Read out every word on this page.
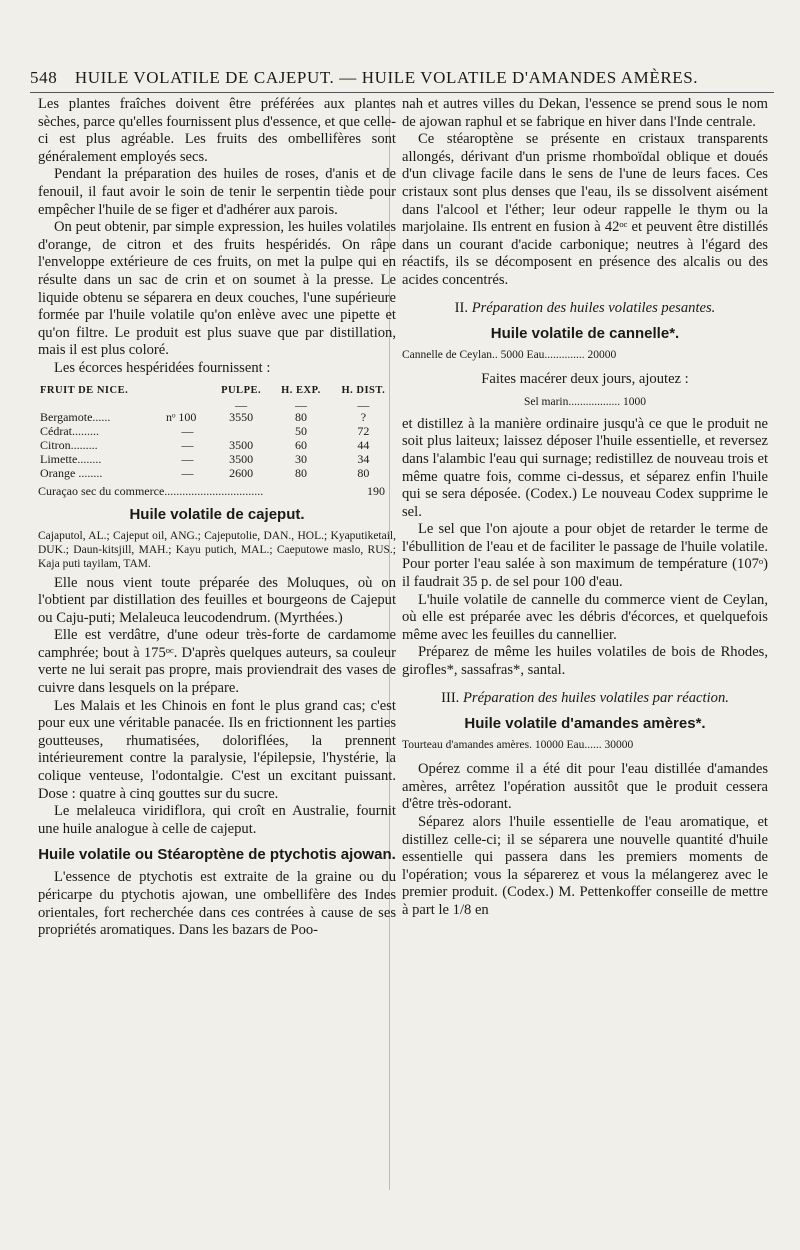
548 HUILE VOLATILE DE CAJEPUT. — HUILE VOLATILE D'AMANDES AMÈRES.

Les plantes fraîches doivent être préférées aux plantes sèches, parce qu'elles fournissent plus d'essence, et que celle-ci est plus agréable. Les fruits des ombellifères sont généralement employés secs.

Pendant la préparation des huiles de roses, d'anis et de fenouil, il faut avoir le soin de tenir le serpentin tiède pour empêcher l'huile de se figer et d'adhérer aux parois.

On peut obtenir, par simple expression, les huiles volatiles d'orange, de citron et des fruits hespéridés. On râpe l'enveloppe extérieure de ces fruits, on met la pulpe qui en résulte dans un sac de crin et on soumet à la presse. Le liquide obtenu se séparera en deux couches, l'une supérieure formée par l'huile volatile qu'on enlève avec une pipette et qu'on filtre. Le produit est plus suave que par distillation, mais il est plus coloré.

Les écorces hespéridées fournissent :

FRUIT DE NICE.		PULPE.	H. EXP.	H. DIST.
		—	—	—
Bergamote......	nᵒ 100	3550	80	?
Cédrat.........	—		50	72
Citron.........	—	3500	60	44
Limette........	—	3500	30	34
Orange ........	—	2600	80	80
Curaçao sec du commerce.................................	190
Huile volatile de cajeput.

Cajaputol, AL.; Cajeput oil, ANG.; Cajeputolie, DAN., HOL.; Kyaputiketail, DUK.; Daun-kitsjill, MAH.; Kayu putich, MAL.; Caeputowe maslo, RUS.; Kaja puti tayilam, TAM.

Elle nous vient toute préparée des Moluques, où on l'obtient par distillation des feuilles et bourgeons de Cajeput ou Caju-puti; Melaleuca leucodendrum. (Myrthées.)

Elle est verdâtre, d'une odeur très-forte de cardamome camphrée; bout à 175ᵒᶜ. D'après quelques auteurs, sa couleur verte ne lui serait pas propre, mais proviendrait des vases de cuivre dans lesquels on la prépare.

Les Malais et les Chinois en font le plus grand cas; c'est pour eux une véritable panacée. Ils en frictionnent les parties goutteuses, rhumatisées, doloriflées, la prennent intérieurement contre la paralysie, l'épilepsie, l'hystérie, la colique venteuse, l'odontalgie. C'est un excitant puissant. Dose : quatre à cinq gouttes sur du sucre.

Le melaleuca viridiflora, qui croît en Australie, fournit une huile analogue à celle de cajeput.

Huile volatile ou Stéaroptène de ptychotis ajowan.

L'essence de ptychotis est extraite de la graine ou du péricarpe du ptychotis ajowan, une ombellifère des Indes orientales, fort recherchée dans ces contrées à cause de ses propriétés aromatiques. Dans les bazars de Poo-

nah et autres villes du Dekan, l'essence se prend sous le nom de ajowan raphul et se fabrique en hiver dans l'Inde centrale.

Ce stéaroptène se présente en cristaux transparents allongés, dérivant d'un prisme rhomboïdal oblique et doués d'un clivage facile dans le sens de l'une de leurs faces. Ces cristaux sont plus denses que l'eau, ils se dissolvent aisément dans l'alcool et l'éther; leur odeur rappelle le thym ou la marjolaine. Ils entrent en fusion à 42ᵒᶜ et peuvent être distillés dans un courant d'acide carbonique; neutres à l'égard des réactifs, ils se décomposent en présence des alcalis ou des acides concentrés.

II. Préparation des huiles volatiles pesantes.
Huile volatile de cannelle*.

Cannelle de Ceylan.. 5000 Eau.............. 20000

Faites macérer deux jours, ajoutez :

Sel marin.................. 1000

et distillez à la manière ordinaire jusqu'à ce que le produit ne soit plus laiteux; laissez déposer l'huile essentielle, et reversez dans l'alambic l'eau qui surnage; redistillez de nouveau trois et même quatre fois, comme ci-dessus, et séparez enfin l'huile qui se sera déposée. (Codex.) Le nouveau Codex supprime le sel.

Le sel que l'on ajoute a pour objet de retarder le terme de l'ébullition de l'eau et de faciliter le passage de l'huile volatile. Pour porter l'eau salée à son maximum de température (107ᵒ) il faudrait 35 p. de sel pour 100 d'eau.

L'huile volatile de cannelle du commerce vient de Ceylan, où elle est préparée avec les débris d'écorces, et quelquefois même avec les feuilles du cannellier.

Préparez de même les huiles volatiles de bois de Rhodes, girofles*, sassafras*, santal.

III. Préparation des huiles volatiles par réaction.
Huile volatile d'amandes amères*.

Tourteau d'amandes amères. 10000 Eau...... 30000

Opérez comme il a été dit pour l'eau distillée d'amandes amères, arrêtez l'opération aussitôt que le produit cessera d'être très-odorant.

Séparez alors l'huile essentielle de l'eau aromatique, et distillez celle-ci; il se séparera une nouvelle quantité d'huile essentielle qui passera dans les premiers moments de l'opération; vous la séparerez et vous la mélangerez avec le premier produit. (Codex.) M. Pettenkoffer conseille de mettre à part le 1/8 en
